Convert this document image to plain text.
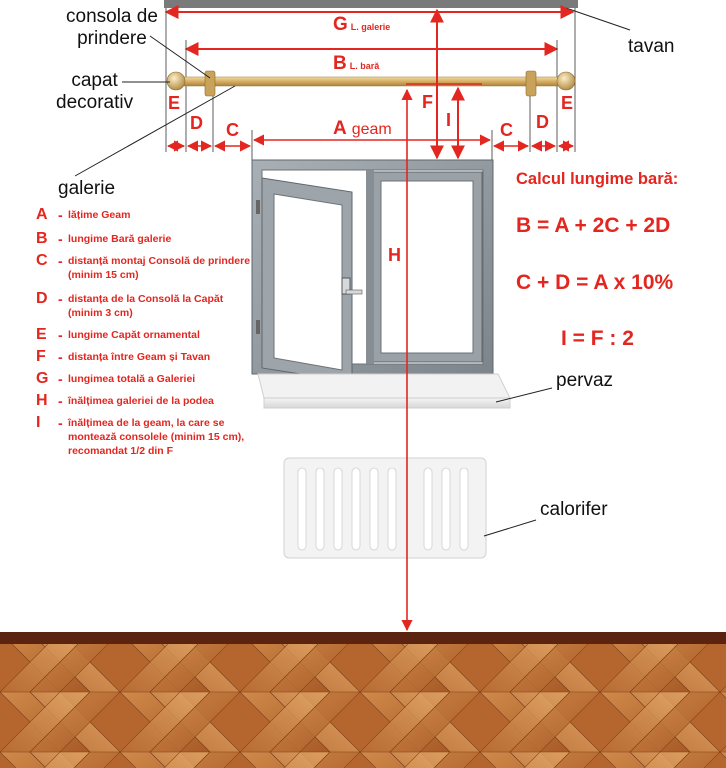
consola de
prindere
capat
decorativ
galerie
tavan
pervaz
calorifer
G L. galerie
B L. bară
A geam
E
D C	C D
E
F
I
H
A - lățime Geam
B - lungime Bară galerie
C - distanță montaj Consolă de prindere (minim 15 cm)
D - distanța de la Consolă la Capăt (minim 3 cm)
E - lungime Capăt ornamental
F - distanța între Geam și Tavan
G - lungimea totală a Galeriei
H - înălțimea galeriei de la podea
I	- înălțimea de la geam, la care se montează consolele (minim 15 cm), recomandat 1/2 din F
Calcul lungime bară:
B = A + 2C + 2D
C + D = A x 10%
I = F : 2
